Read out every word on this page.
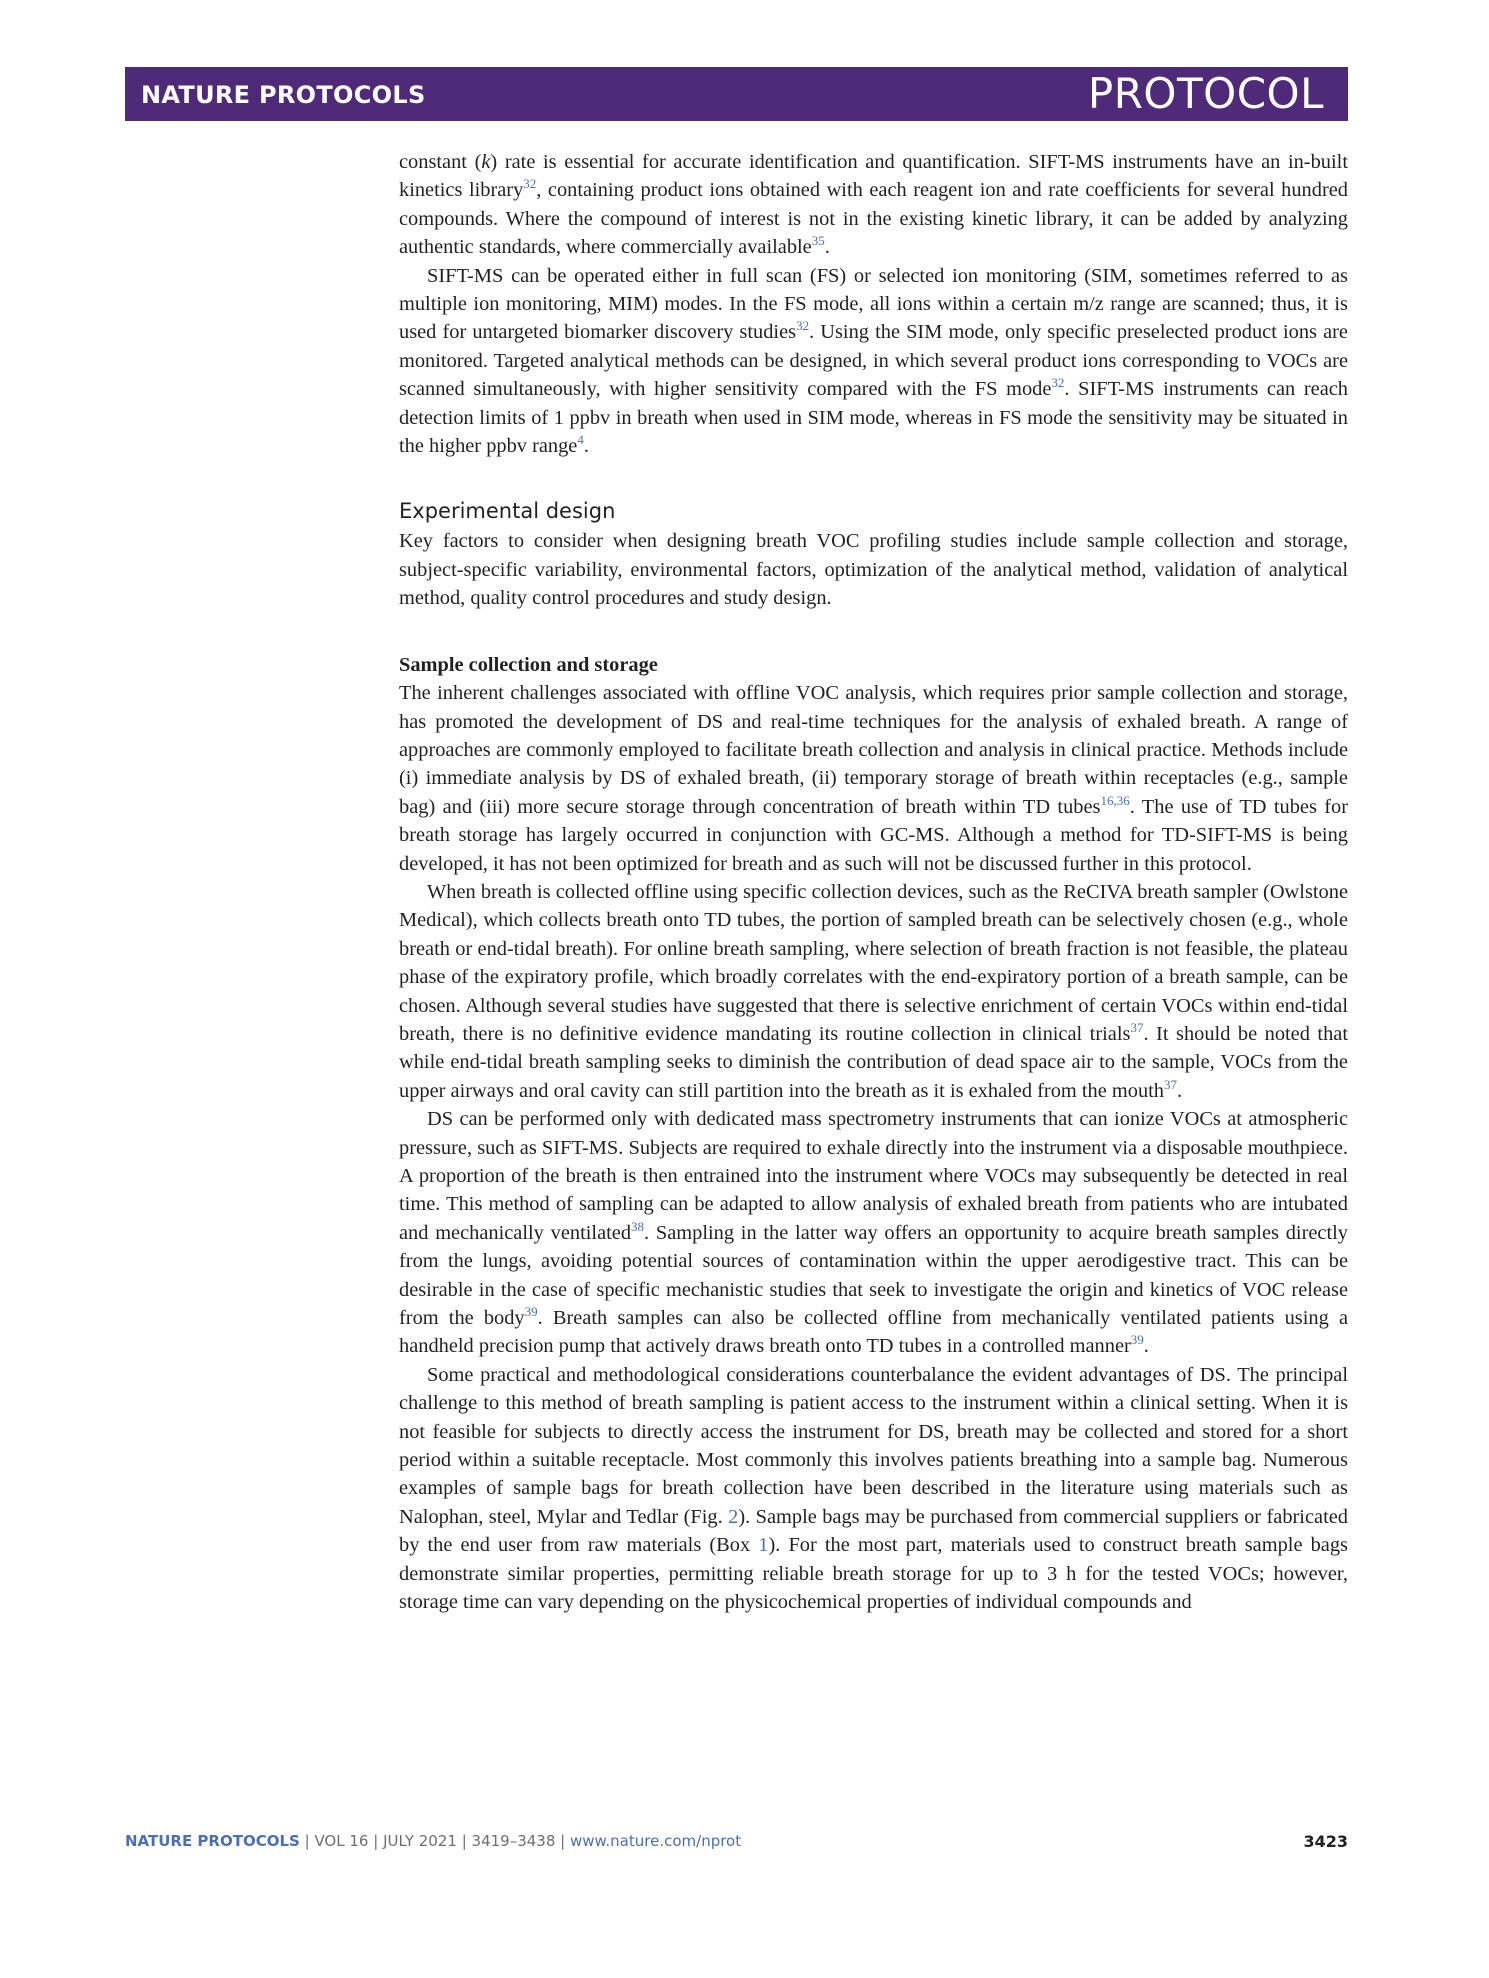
NATURE PROTOCOLS	PROTOCOL

constant (k) rate is essential for accurate identification and quantification. SIFT-MS instruments have an in-built kinetics library$^{32}$, containing product ions obtained with each reagent ion and rate coefficients for several hundred compounds. Where the compound of interest is not in the existing kinetic library, it can be added by analyzing authentic standards, where commercially available$^{35}$.

SIFT-MS can be operated either in full scan (FS) or selected ion monitoring (SIM, sometimes referred to as multiple ion monitoring, MIM) modes. In the FS mode, all ions within a certain m/z range are scanned; thus, it is used for untargeted biomarker discovery studies$^{32}$. Using the SIM mode, only specific preselected product ions are monitored. Targeted analytical methods can be designed, in which several product ions corresponding to VOCs are scanned simultaneously, with higher sensitivity compared with the FS mode$^{32}$. SIFT-MS instruments can reach detection limits of 1 ppbv in breath when used in SIM mode, whereas in FS mode the sensitivity may be situated in the higher ppbv range$^4$.

Experimental design

Key factors to consider when designing breath VOC profiling studies include sample collection and storage, subject-specific variability, environmental factors, optimization of the analytical method, validation of analytical method, quality control procedures and study design.

Sample collection and storage

The inherent challenges associated with offline VOC analysis, which requires prior sample collection and storage, has promoted the development of DS and real-time techniques for the analysis of exhaled breath. A range of approaches are commonly employed to facilitate breath collection and analysis in clinical practice. Methods include (i) immediate analysis by DS of exhaled breath, (ii) temporary storage of breath within receptacles (e.g., sample bag) and (iii) more secure storage through concentration of breath within TD tubes$^{16,36}$. The use of TD tubes for breath storage has largely occurred in conjunction with GC-MS. Although a method for TD-SIFT-MS is being developed, it has not been optimized for breath and as such will not be discussed further in this protocol.

When breath is collected offline using specific collection devices, such as the ReCIVA breath sampler (Owlstone Medical), which collects breath onto TD tubes, the portion of sampled breath can be selectively chosen (e.g., whole breath or end-tidal breath). For online breath sampling, where selection of breath fraction is not feasible, the plateau phase of the expiratory profile, which broadly correlates with the end-expiratory portion of a breath sample, can be chosen. Although several studies have suggested that there is selective enrichment of certain VOCs within end-tidal breath, there is no definitive evidence mandating its routine collection in clinical trials$^{37}$. It should be noted that while end-tidal breath sampling seeks to diminish the contribution of dead space air to the sample, VOCs from the upper airways and oral cavity can still partition into the breath as it is exhaled from the mouth$^{37}$.

DS can be performed only with dedicated mass spectrometry instruments that can ionize VOCs at atmospheric pressure, such as SIFT-MS. Subjects are required to exhale directly into the instrument via a disposable mouthpiece. A proportion of the breath is then entrained into the instrument where VOCs may subsequently be detected in real time. This method of sampling can be adapted to allow analysis of exhaled breath from patients who are intubated and mechanically ventilated$^{38}$. Sampling in the latter way offers an opportunity to acquire breath samples directly from the lungs, avoiding potential sources of contamination within the upper aerodigestive tract. This can be desirable in the case of specific mechanistic studies that seek to investigate the origin and kinetics of VOC release from the body$^{39}$. Breath samples can also be collected offline from mechanically ventilated patients using a handheld precision pump that actively draws breath onto TD tubes in a controlled manner$^{39}$.

Some practical and methodological considerations counterbalance the evident advantages of DS. The principal challenge to this method of breath sampling is patient access to the instrument within a clinical setting. When it is not feasible for subjects to directly access the instrument for DS, breath may be collected and stored for a short period within a suitable receptacle. Most commonly this involves patients breathing into a sample bag. Numerous examples of sample bags for breath collection have been described in the literature using materials such as Nalophan, steel, Mylar and Tedlar (Fig. 2). Sample bags may be purchased from commercial suppliers or fabricated by the end user from raw materials (Box 1). For the most part, materials used to construct breath sample bags demonstrate similar properties, permitting reliable breath storage for up to 3 h for the tested VOCs; however, storage time can vary depending on the physicochemical properties of individual compounds and

NATURE PROTOCOLS | VOL 16 | JULY 2021 | 3419–3438 | www.nature.com/nprot	3423
